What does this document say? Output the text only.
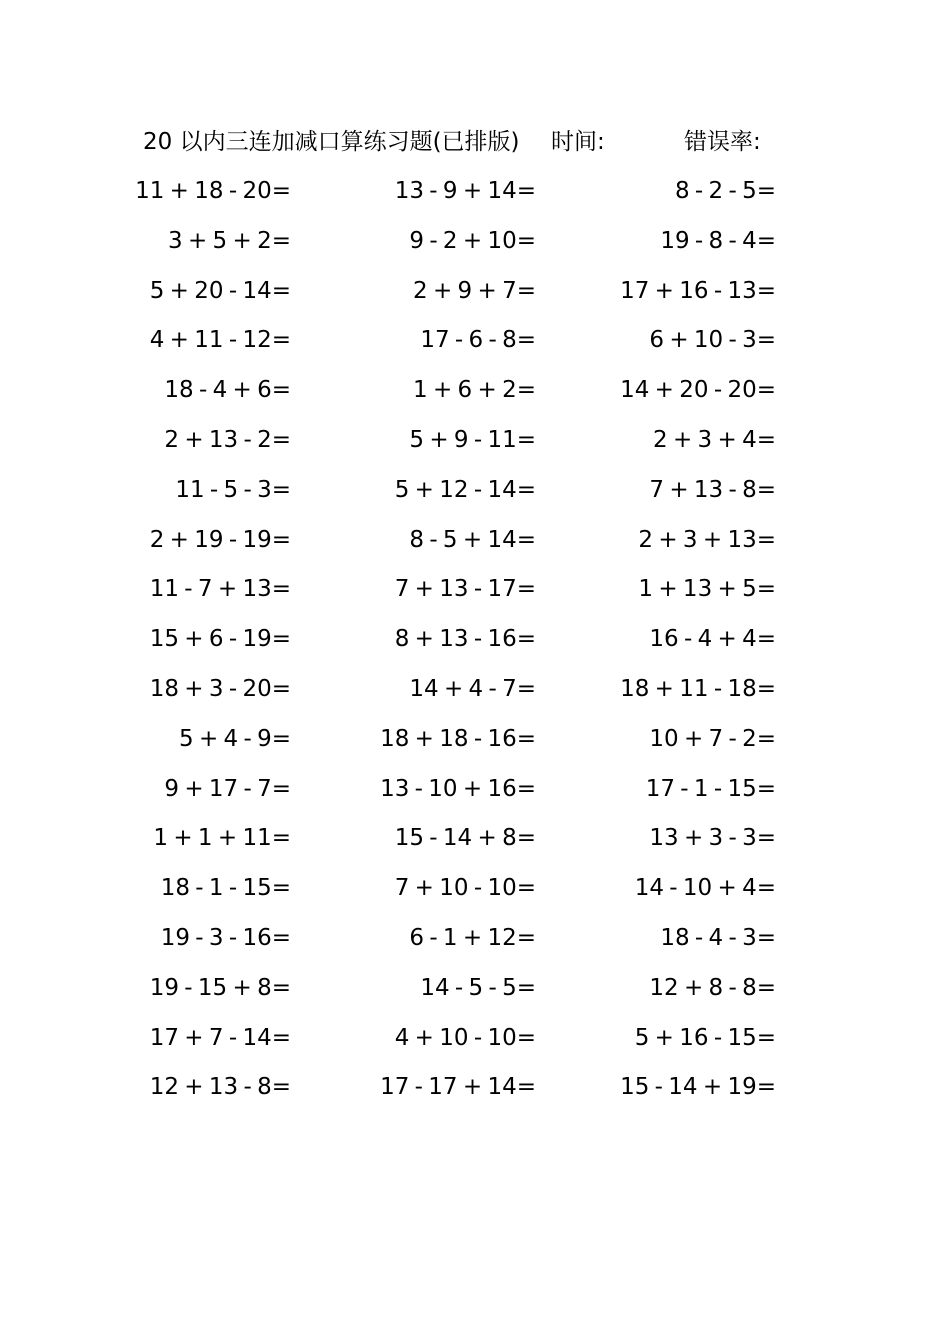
20 以内三连加减口算练习题(已排版) 时间:	错误率:
11 + 18 - 20=	13 - 9 + 14=	8 - 2 - 5=
3 + 5 + 2=	9 - 2 + 10=	19 - 8 - 4=
5 + 20 - 14=	2 + 9 + 7=	17 + 16 - 13=
4 + 11 - 12=	17 - 6 - 8=	6 + 10 - 3=
18 - 4 + 6=	1 + 6 + 2=	14 + 20 - 20=
2 + 13 - 2=	5 + 9 - 11=	2 + 3 + 4=
11 - 5 - 3=	5 + 12 - 14=	7 + 13 - 8=
2 + 19 - 19=	8 - 5 + 14=	2 + 3 + 13=
11 - 7 + 13=	7 + 13 - 17=	1 + 13 + 5=
15 + 6 - 19=	8 + 13 - 16=	16 - 4 + 4=
18 + 3 - 20=	14 + 4 - 7=	18 + 11 - 18=
5 + 4 - 9=	18 + 18 - 16=	10 + 7 - 2=
9 + 17 - 7=	13 - 10 + 16=	17 - 1 - 15=
1 + 1 + 11=	15 - 14 + 8=	13 + 3 - 3=
18 - 1 - 15=	7 + 10 - 10=	14 - 10 + 4=
19 - 3 - 16=	6 - 1 + 12=	18 - 4 - 3=
19 - 15 + 8=	14 - 5 - 5=	12 + 8 - 8=
17 + 7 - 14=	4 + 10 - 10=	5 + 16 - 15=
12 + 13 - 8=	17 - 17 + 14=	15 - 14 + 19=
